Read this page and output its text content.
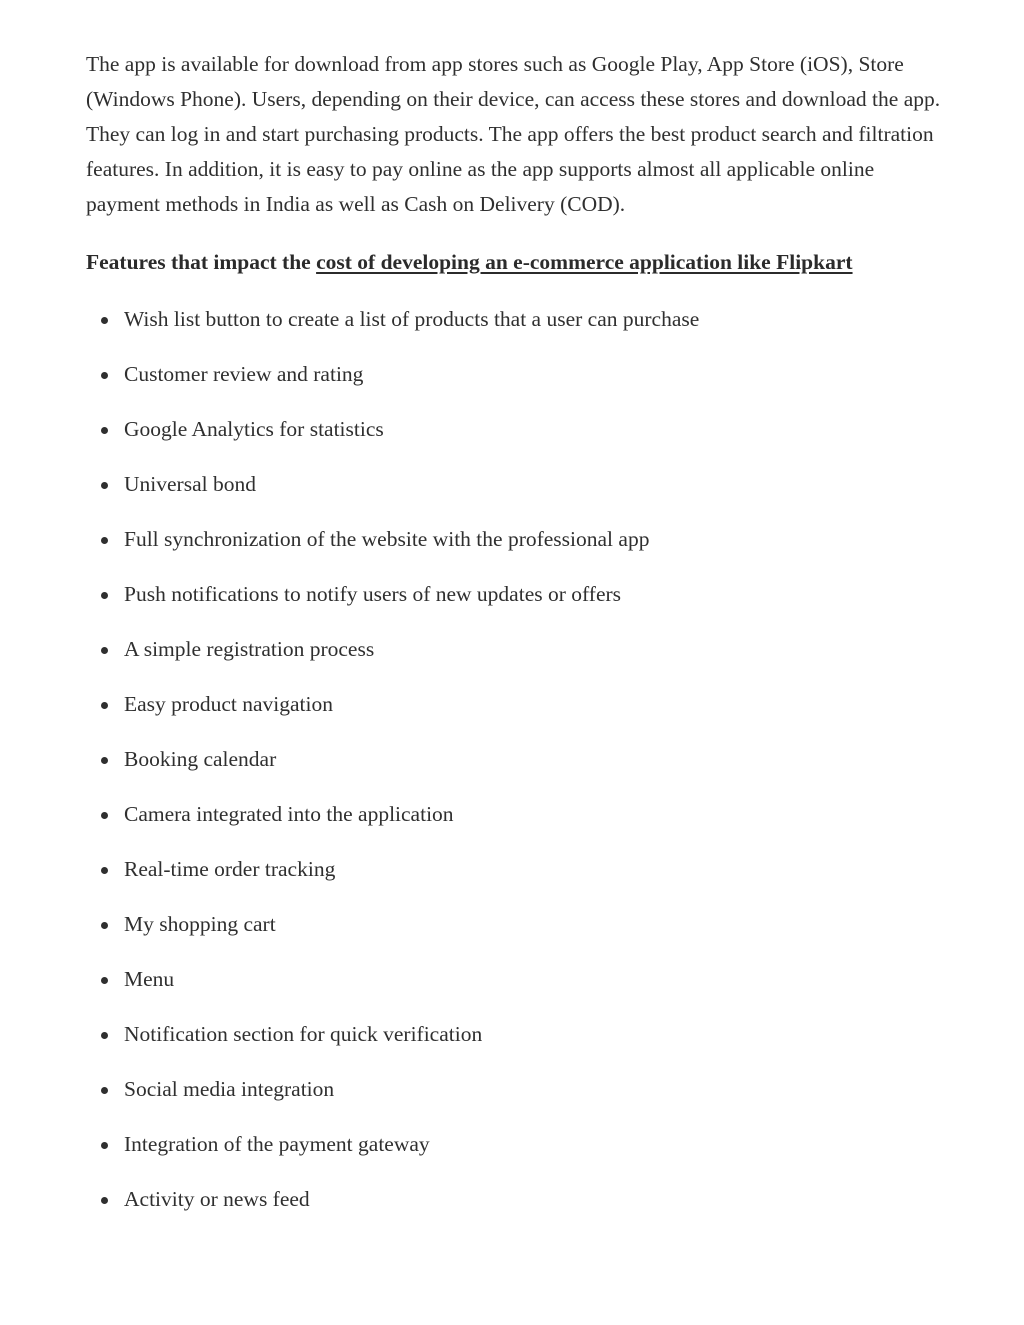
The app is available for download from app stores such as Google Play, App Store (iOS), Store (Windows Phone). Users, depending on their device, can access these stores and download the app. They can log in and start purchasing products. The app offers the best product search and filtration features. In addition, it is easy to pay online as the app supports almost all applicable online payment methods in India as well as Cash on Delivery (COD).

Features that impact the cost of developing an e-commerce application like Flipkart

Wish list button to create a list of products that a user can purchase
Customer review and rating
Google Analytics for statistics
Universal bond
Full synchronization of the website with the professional app
Push notifications to notify users of new updates or offers
A simple registration process
Easy product navigation
Booking calendar
Camera integrated into the application
Real-time order tracking
My shopping cart
Menu
Notification section for quick verification
Social media integration
Integration of the payment gateway
Activity or news feed
